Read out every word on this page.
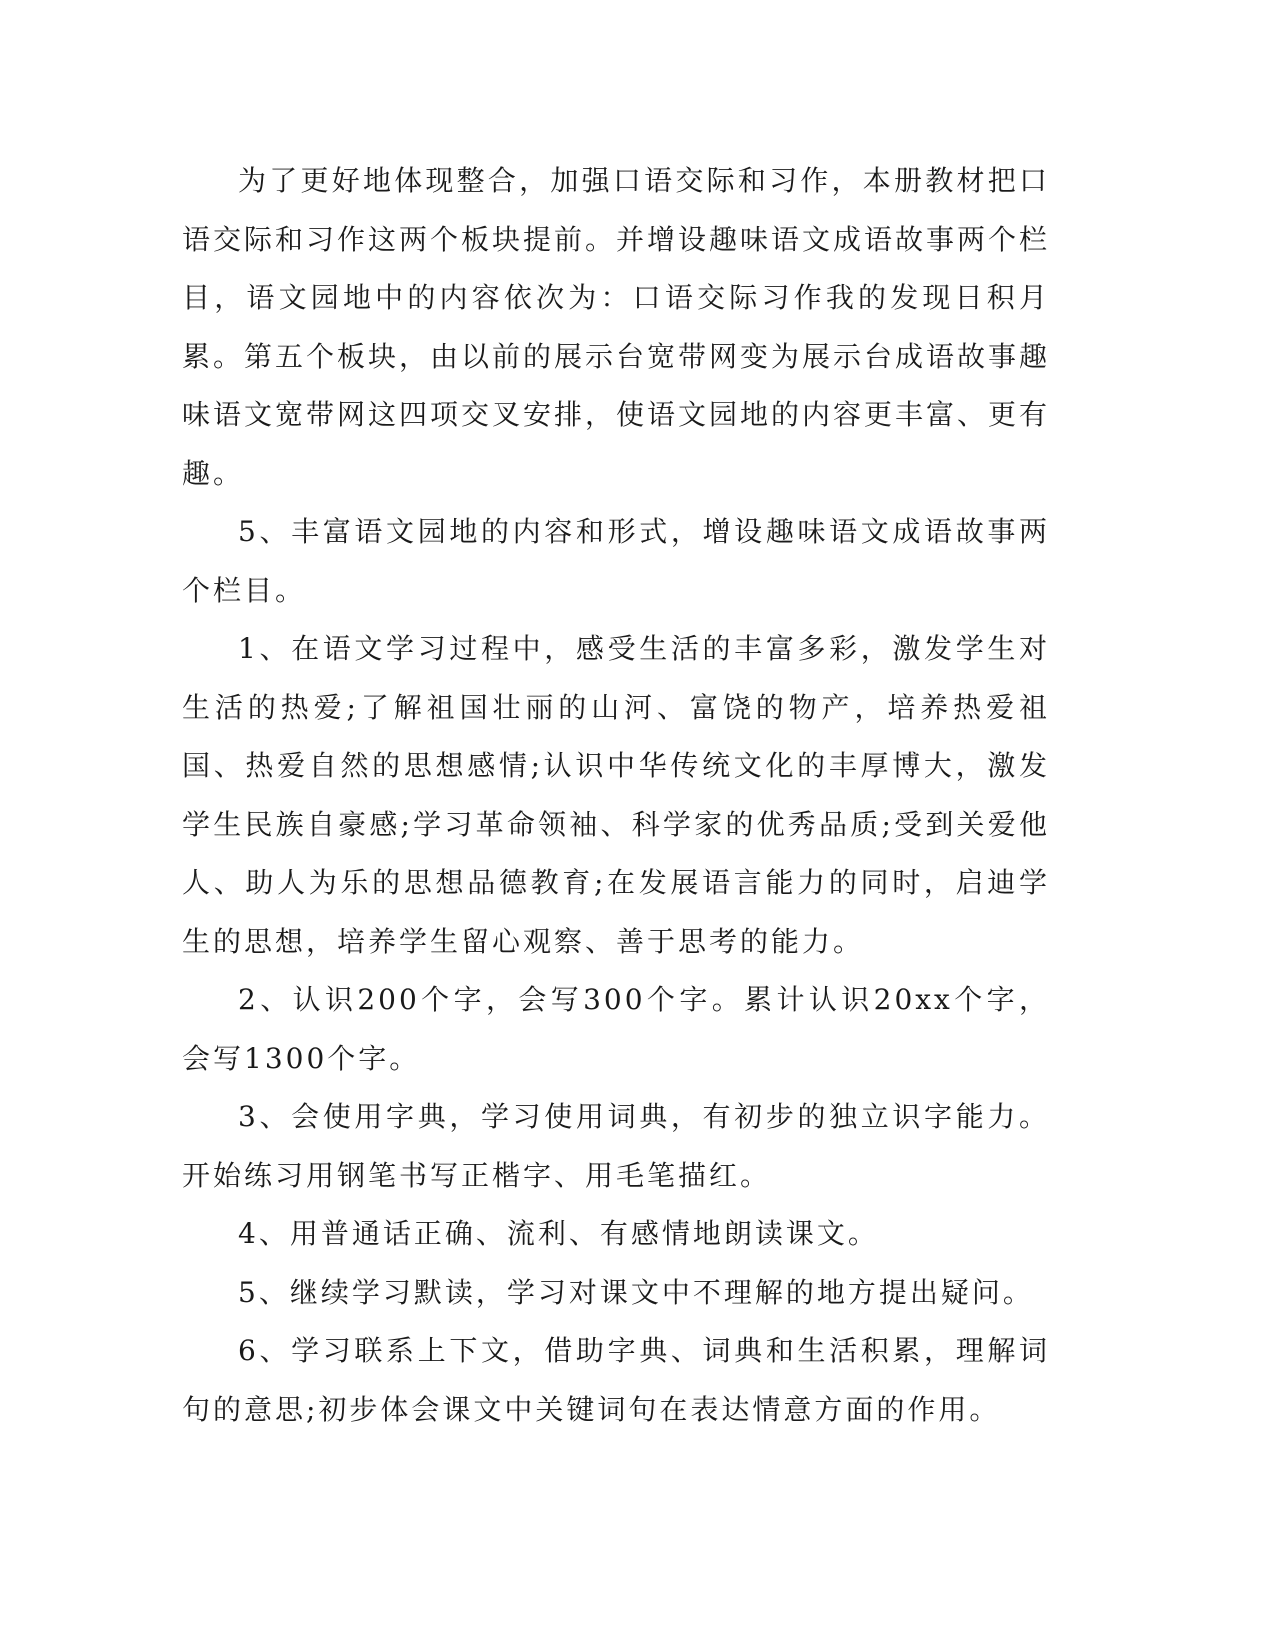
为了更好地体现整合，加强口语交际和习作，本册教材把口语交际和习作这两个板块提前。并增设趣味语文成语故事两个栏目，语文园地中的内容依次为：口语交际习作我的发现日积月累。第五个板块，由以前的展示台宽带网变为展示台成语故事趣味语文宽带网这四项交叉安排，使语文园地的内容更丰富、更有趣。

5、丰富语文园地的内容和形式，增设趣味语文成语故事两个栏目。

1、在语文学习过程中，感受生活的丰富多彩，激发学生对生活的热爱;了解祖国壮丽的山河、富饶的物产，培养热爱祖国、热爱自然的思想感情;认识中华传统文化的丰厚博大，激发学生民族自豪感;学习革命领袖、科学家的优秀品质;受到关爱他人、助人为乐的思想品德教育;在发展语言能力的同时，启迪学生的思想，培养学生留心观察、善于思考的能力。

2、认识200个字，会写300个字。累计认识20xx个字，会写1300个字。

3、会使用字典，学习使用词典，有初步的独立识字能力。开始练习用钢笔书写正楷字、用毛笔描红。

4、用普通话正确、流利、有感情地朗读课文。

5、继续学习默读，学习对课文中不理解的地方提出疑问。

6、学习联系上下文，借助字典、词典和生活积累，理解词句的意思;初步体会课文中关键词句在表达情意方面的作用。
